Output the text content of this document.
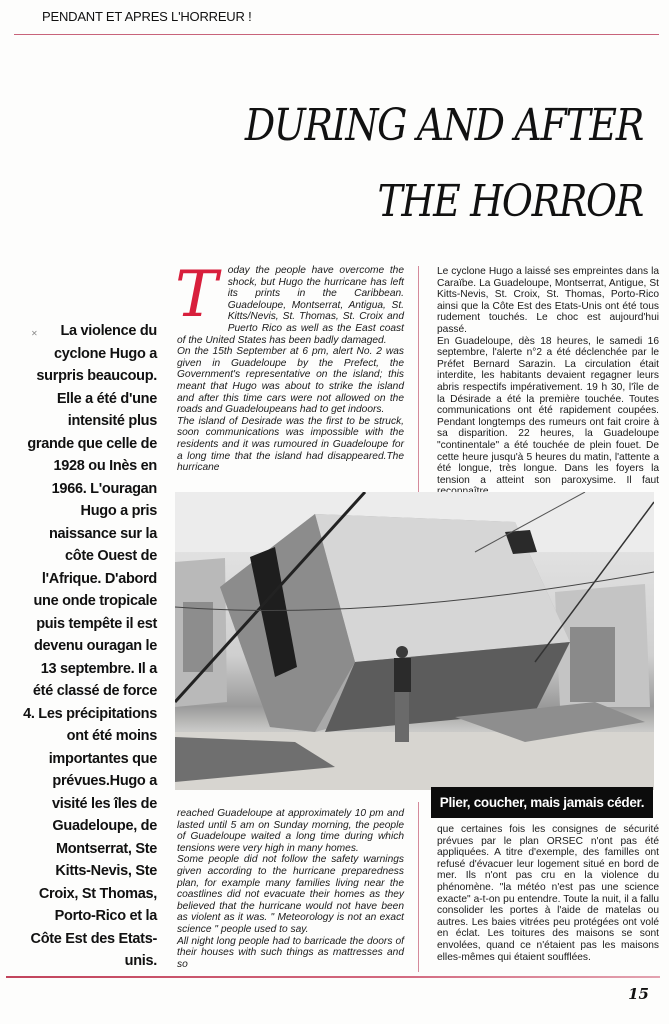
PENDANT ET APRES L'HORREUR !
DURING AND AFTER
THE HORROR
✕	La violence du cyclone Hugo a surpris beaucoup. Elle a été d'une intensité plus grande que celle de 1928 ou Inès en 1966. L'ouragan Hugo a pris naissance sur la côte Ouest de l'Afrique. D'abord une onde tropicale puis tempête il est devenu ouragan le 13 septembre. Il a été classé de force 4. Les précipitations ont été moins importantes que prévues.Hugo a visité les îles de Guadeloupe, de Montserrat, Ste Kitts-Nevis, Ste Croix, St Thomas, Porto-Rico et la Côte Est des Etats-unis.

Today the people have overcome the shock, but Hugo the hurricane has left its prints in the Caribbean. Guadeloupe, Montserrat, Antigua, St. Kitts/Nevis, St. Thomas, St. Croix and Puerto Rico as well as the East coast of the United States has been badly damaged.

On the 15th September at 6 pm, alert No. 2 was given in Guadeloupe by the Prefect, the Government's representative on the island; this meant that Hugo was about to strike the island and after this time cars were not allowed on the roads and Guadeloupeans had to get indoors.

The island of Desirade was the first to be struck, soon communications was impossible with the residents and it was rumoured in Guadeloupe for a long time that the island had disappeared.The hurricane

Le cyclone Hugo a laissé ses empreintes dans la Caraïbe. La Guadeloupe, Montserrat, Antigue, St Kitts-Nevis, St. Croix, St. Thomas, Porto-Rico ainsi que la Côte Est des Etats-Unis ont été tous rudement touchés. Le choc est aujourd'hui passé.

En Guadeloupe, dès 18 heures, le samedi 16 septembre, l'alerte n°2 a été déclenchée par le Préfet Bernard Sarazin. La circulation était interdite, les habitants devaient regagner leurs abris respectifs impérativement. 19 h 30, l'île de la Désirade a été la première touchée. Toutes communications ont été rapidement coupées. Pendant longtemps des rumeurs ont fait croire à sa disparition. 22 heures, la Guadeloupe "continentale" a été touchée de plein fouet. De cette heure jusqu'à 5 heures du matin, l'attente a été longue, très longue. Dans les foyers la tension a atteint son paroxysime. Il faut

Plier, coucher, mais jamais céder.

reached Guadeloupe at approximately 10 pm and lasted until 5 am on Sunday morning, the people of Guadeloupe waited a long time during which tensions were very high in many homes.

Some people did not follow the safety warnings given according to the hurricane preparedness plan, for example many families living near the coastlines did not evacuate their homes as they believed that the hurricane would not have been as violent as it was. " Meteorology is not an exact science " people used to say.

All night long people had to barricade the doors of their houses with such things as mattresses and so

que certaines fois les consignes de sécurité prévues par le plan ORSEC n'ont pas été appliquées. A titre d'exemple, des familles ont refusé d'évacuer leur logement situé en bord de mer. Ils n'ont pas cru en la violence du phénomène. "la météo n'est pas une science exacte" a-t-on pu entendre. Toute la nuit, il a fallu consolider les portes à l'aide de matelas ou autres. Les baies vitrées peu protégées ont volé en éclat. Les toitures des maisons se sont envolées, quand ce n'étaient pas les maisons elles-mêmes qui étaient soufflées.

15
